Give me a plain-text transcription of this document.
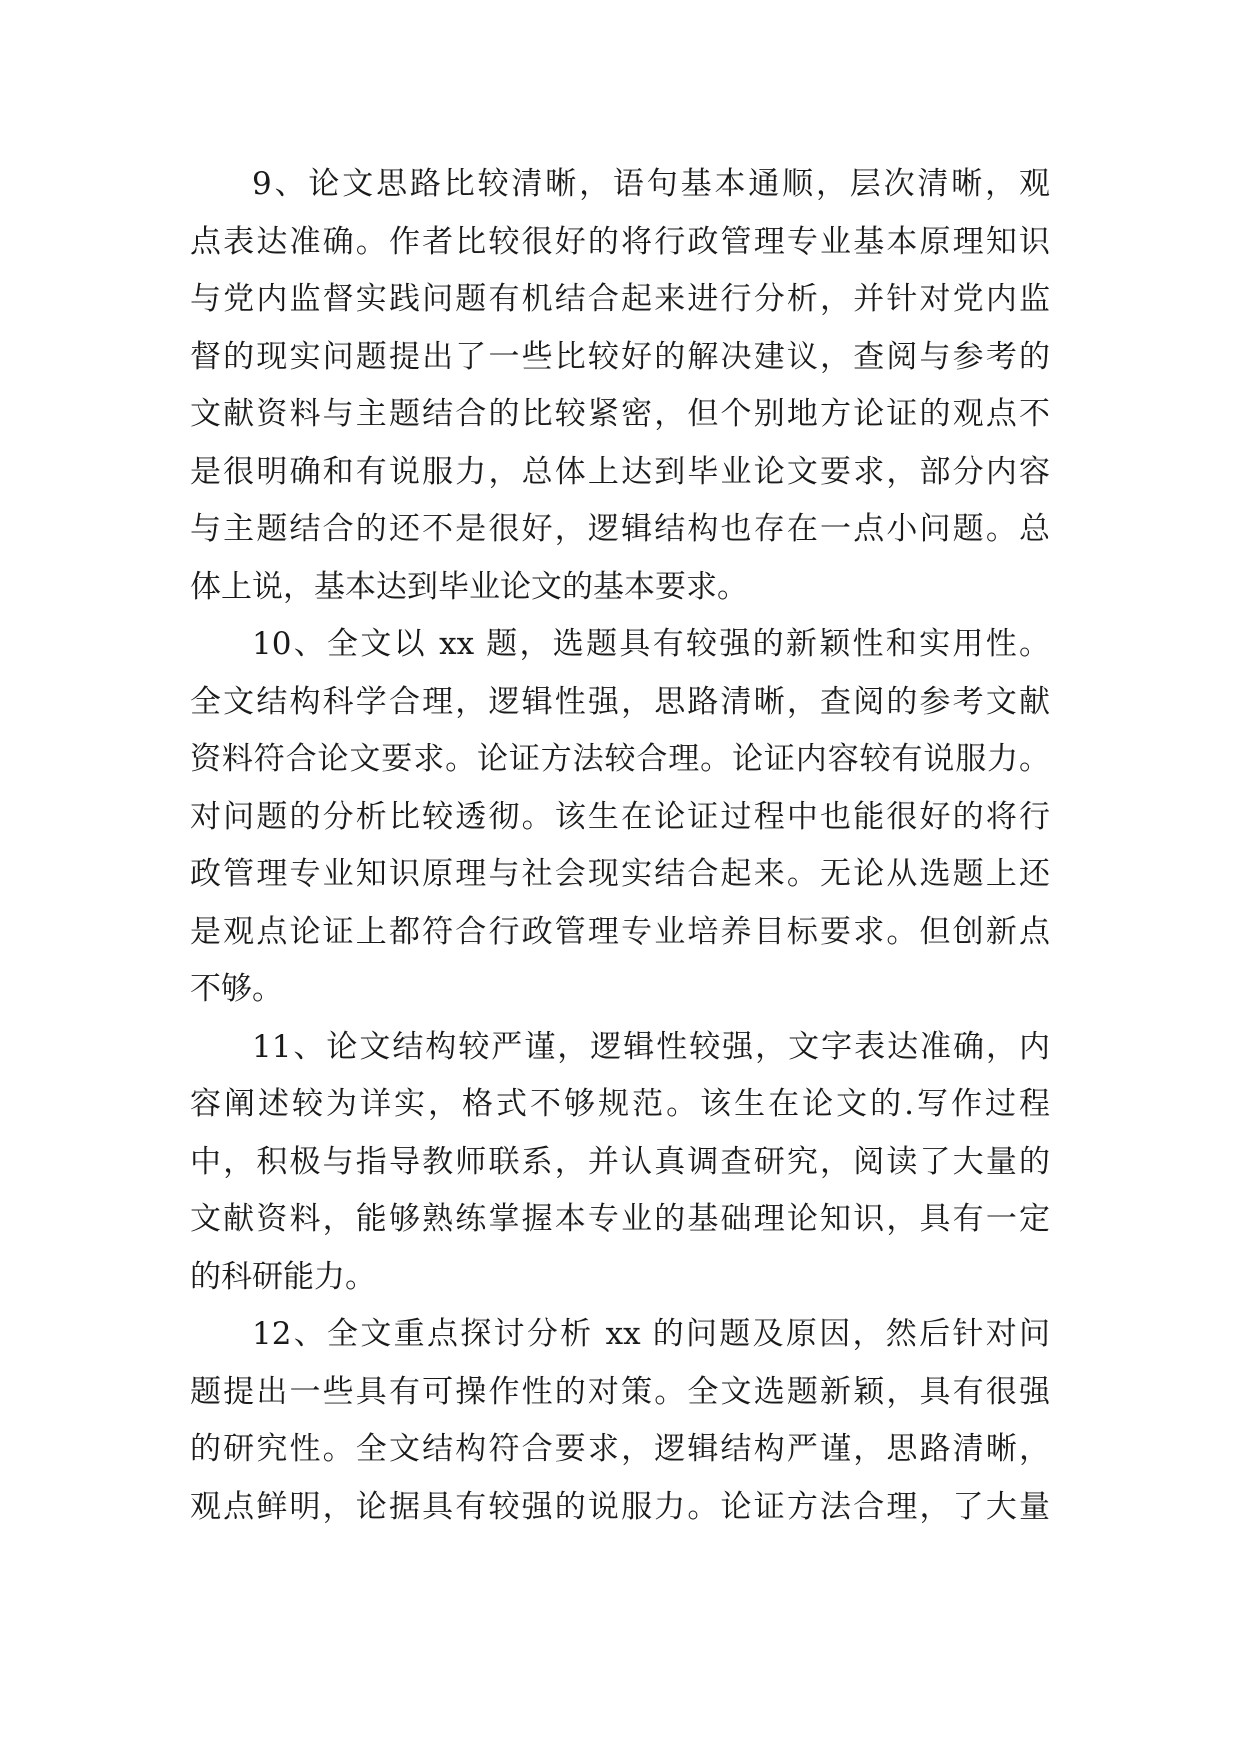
9、论文思路比较清晰，语句基本通顺，层次清晰，观
点表达准确。作者比较很好的将行政管理专业基本原理知识
与党内监督实践问题有机结合起来进行分析，并针对党内监
督的现实问题提出了一些比较好的解决建议，查阅与参考的
文献资料与主题结合的比较紧密，但个别地方论证的观点不
是很明确和有说服力，总体上达到毕业论文要求，部分内容
与主题结合的还不是很好，逻辑结构也存在一点小问题。总
体上说，基本达到毕业论文的基本要求。
10、全文以 xx 题，选题具有较强的新颖性和实用性。
全文结构科学合理，逻辑性强，思路清晰，查阅的参考文献
资料符合论文要求。论证方法较合理。论证内容较有说服力。
对问题的分析比较透彻。该生在论证过程中也能很好的将行
政管理专业知识原理与社会现实结合起来。无论从选题上还
是观点论证上都符合行政管理专业培养目标要求。但创新点
不够。
11、论文结构较严谨，逻辑性较强，文字表达准确，内
容阐述较为详实，格式不够规范。该生在论文的.写作过程
中，积极与指导教师联系，并认真调查研究，阅读了大量的
文献资料，能够熟练掌握本专业的基础理论知识，具有一定
的科研能力。
12、全文重点探讨分析 xx 的问题及原因，然后针对问
题提出一些具有可操作性的对策。全文选题新颖，具有很强
的研究性。全文结构符合要求，逻辑结构严谨，思路清晰，
观点鲜明，论据具有较强的说服力。论证方法合理，了大量
